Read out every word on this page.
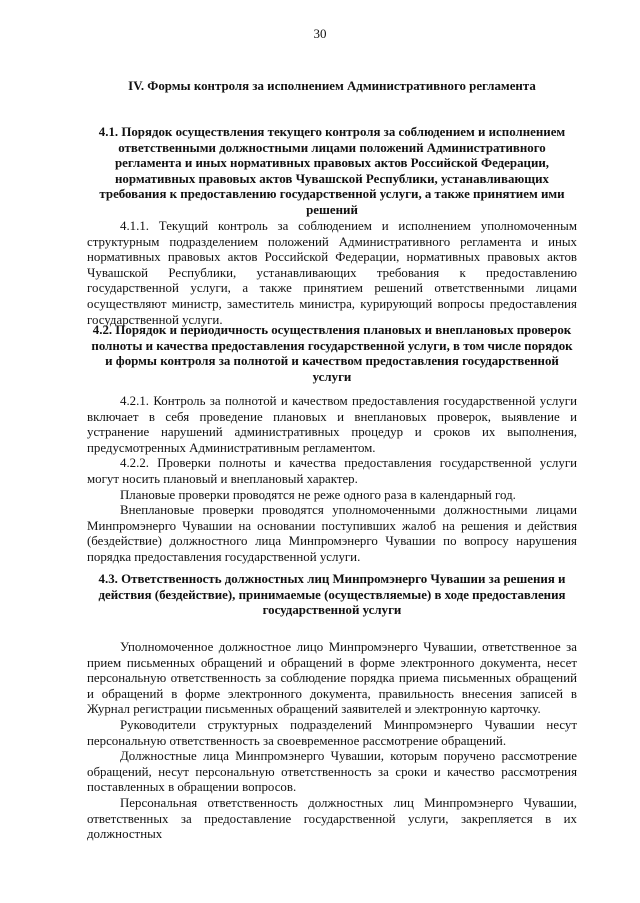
30
IV. Формы контроля за исполнением Административного регламента
4.1. Порядок осуществления текущего контроля за соблюдением и исполнением ответственными должностными лицами положений Административного регламента и иных нормативных правовых актов Российской Федерации, нормативных правовых актов Чувашской Республики, устанавливающих требования к предоставлению государственной услуги, а также принятием ими решений

4.1.1. Текущий контроль за соблюдением и исполнением уполномоченным структурным подразделением положений Административного регламента и иных нормативных правовых актов Российской Федерации, нормативных правовых актов Чувашской Республики, устанавливающих требования к предоставлению государственной услуги, а также принятием решений ответственными лицами осуществляют министр, заместитель министра, курирующий вопросы предоставления государственной услуги.

4.2. Порядок и периодичность осуществления плановых и внеплановых проверок полноты и качества предоставления государственной услуги, в том числе порядок и формы контроля за полнотой и качеством предоставления государственной услуги

4.2.1. Контроль за полнотой и качеством предоставления государственной услуги включает в себя проведение плановых и внеплановых проверок, выявление и устранение нарушений административных процедур и сроков их выполнения, предусмотренных Административным регламентом.

4.2.2. Проверки полноты и качества предоставления государственной услуги могут носить плановый и внеплановый характер.

Плановые проверки проводятся не реже одного раза в календарный год.

Внеплановые проверки проводятся уполномоченными должностными лицами Минпромэнерго Чувашии на основании поступивших жалоб на решения и действия (бездействие) должностного лица Минпромэнерго Чувашии по вопросу нарушения порядка предоставления государственной услуги.

4.3. Ответственность должностных лиц Минпромэнерго Чувашии за решения и действия (бездействие), принимаемые (осуществляемые) в ходе предоставления государственной услуги

Уполномоченное должностное лицо Минпромэнерго Чувашии, ответственное за прием письменных обращений и обращений в форме электронного документа, несет персональную ответственность за соблюдение порядка приема письменных обращений и обращений в форме электронного документа, правильность внесения записей в Журнал регистрации письменных обращений заявителей и электронную карточку.

Руководители структурных подразделений Минпромэнерго Чувашии несут персональную ответственность за своевременное рассмотрение обращений.

Должностные лица Минпромэнерго Чувашии, которым поручено рассмотрение обращений, несут персональную ответственность за сроки и качество рассмотрения поставленных в обращении вопросов.

Персональная ответственность должностных лиц Минпромэнерго Чувашии, ответственных за предоставление государственной услуги, закрепляется в их должностных
